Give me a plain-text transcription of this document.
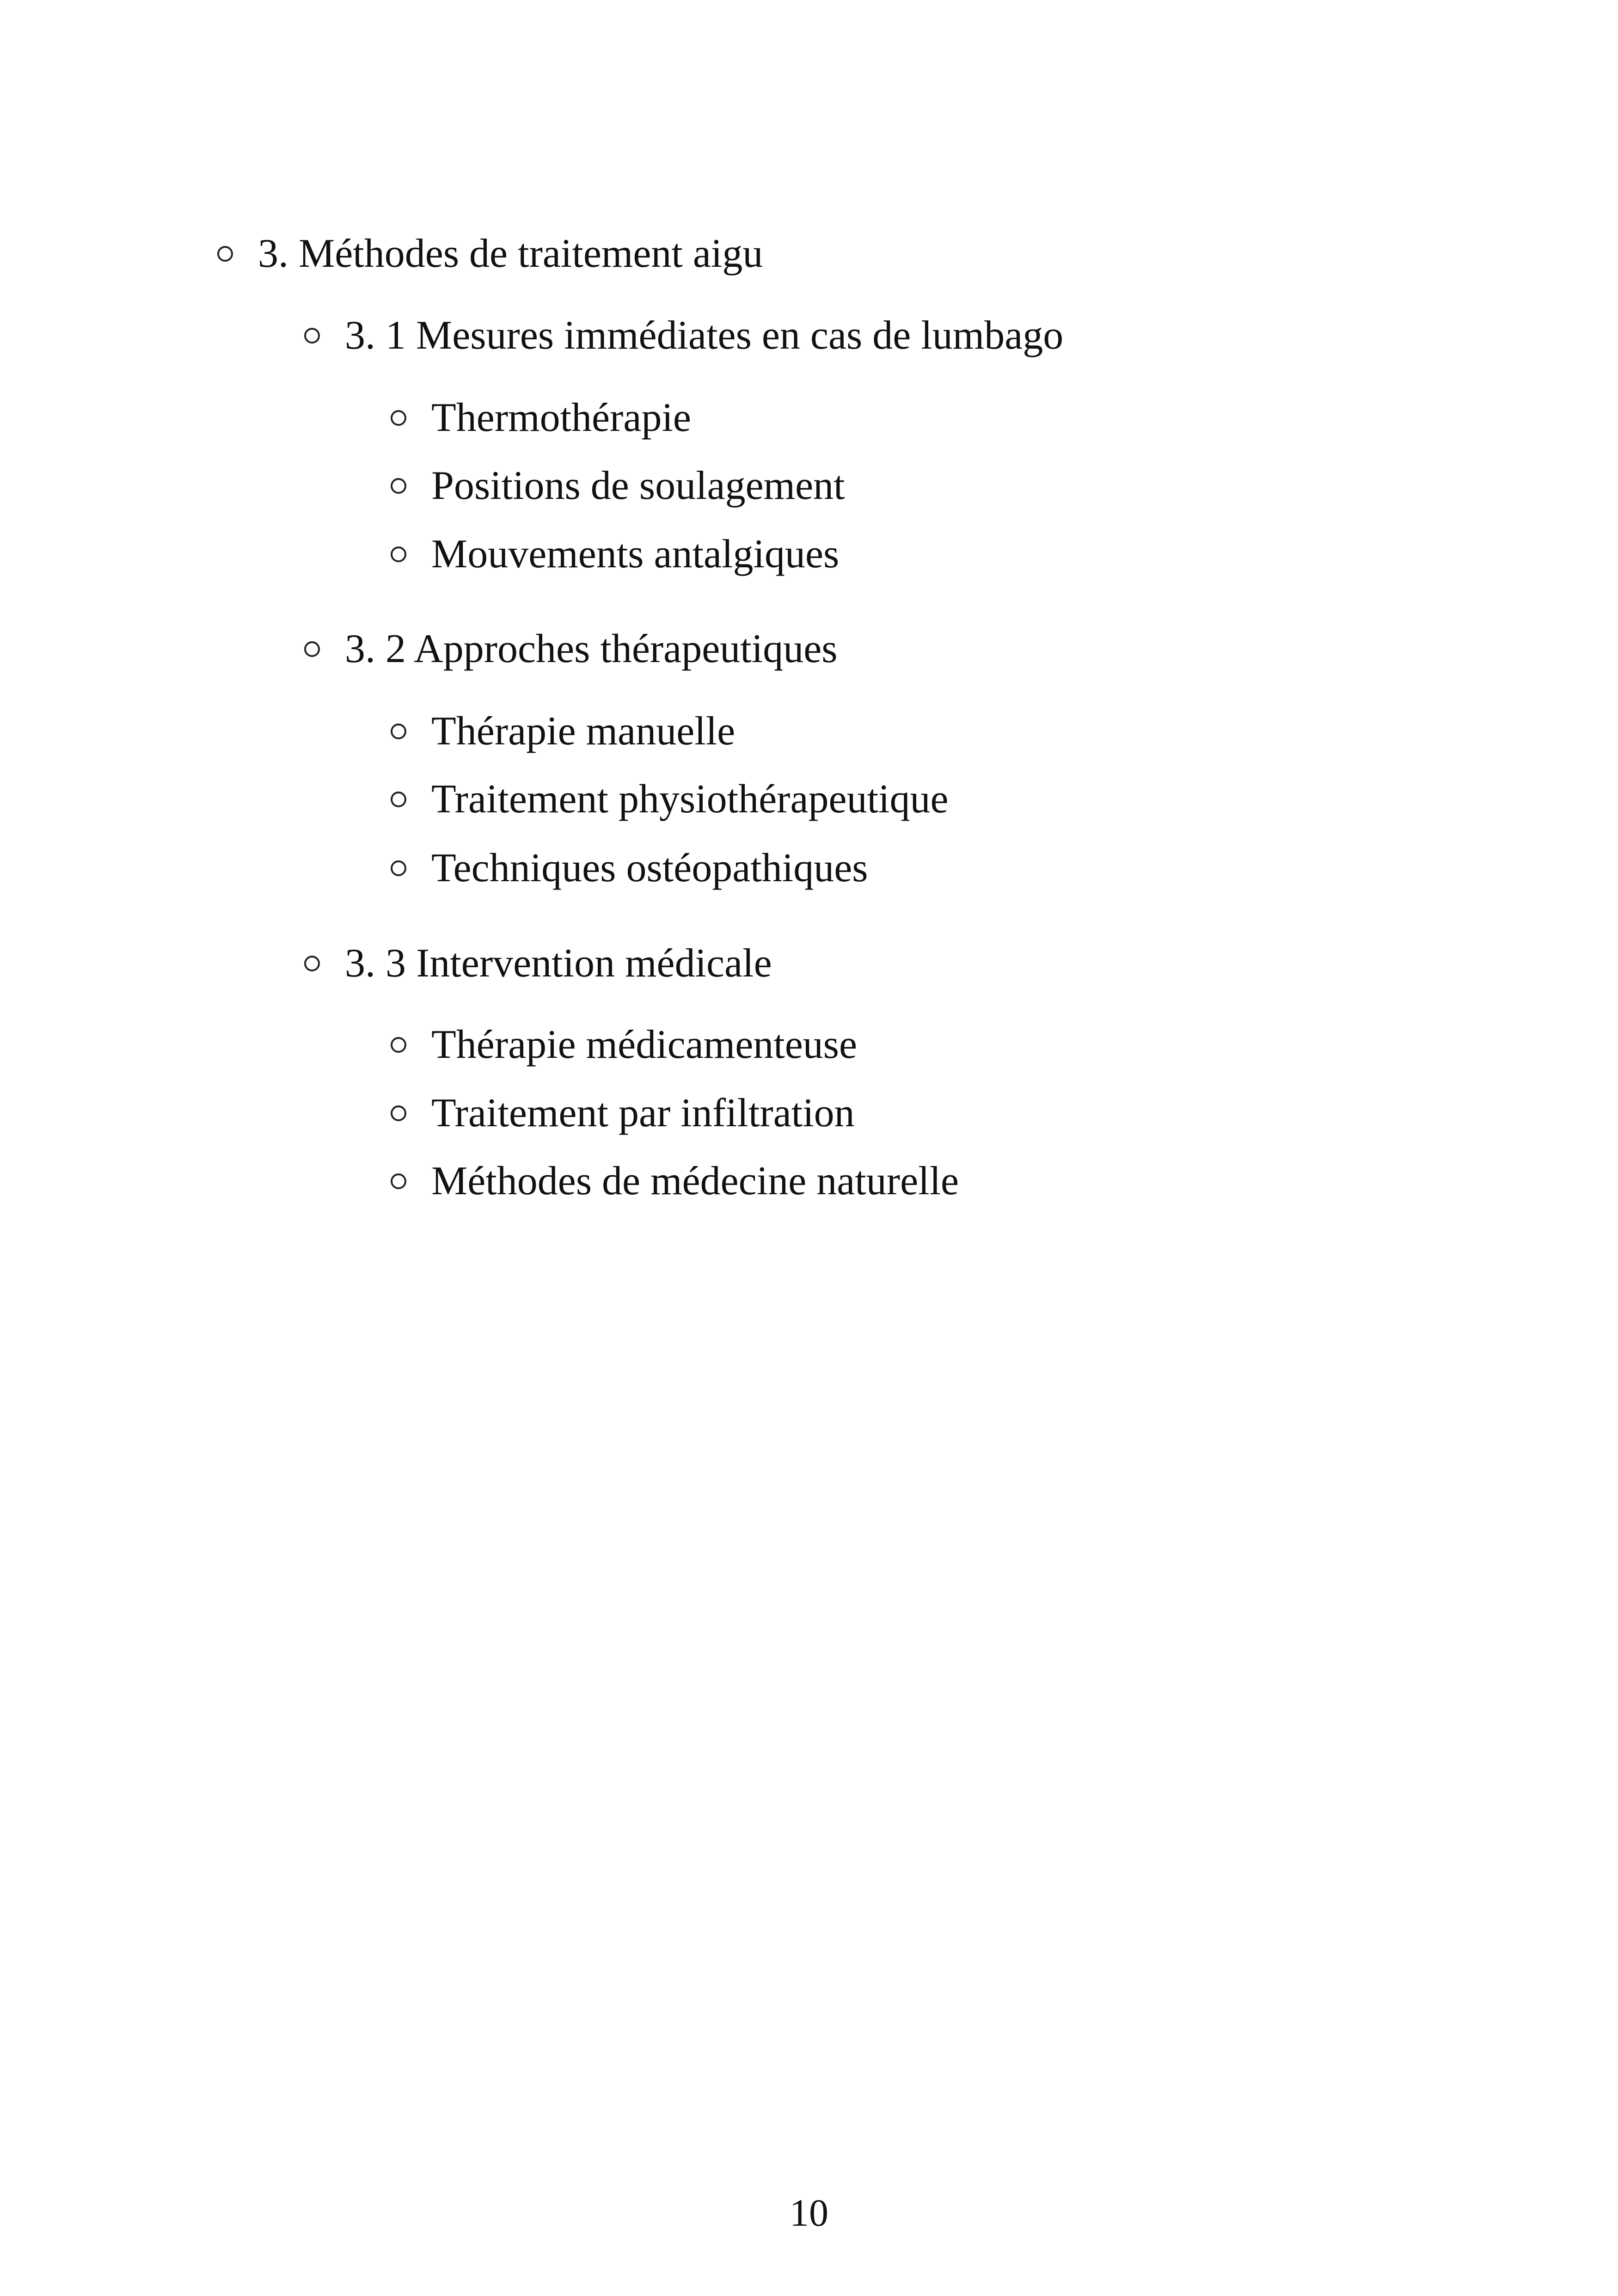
3. Méthodes de traitement aigu
3. 1 Mesures immédiates en cas de lumbago
Thermothérapie
Positions de soulagement
Mouvements antalgiques
3. 2 Approches thérapeutiques
Thérapie manuelle
Traitement physiothérapeutique
Techniques ostéopathiques
3. 3 Intervention médicale
Thérapie médicamenteuse
Traitement par infiltration
Méthodes de médecine naturelle
10
